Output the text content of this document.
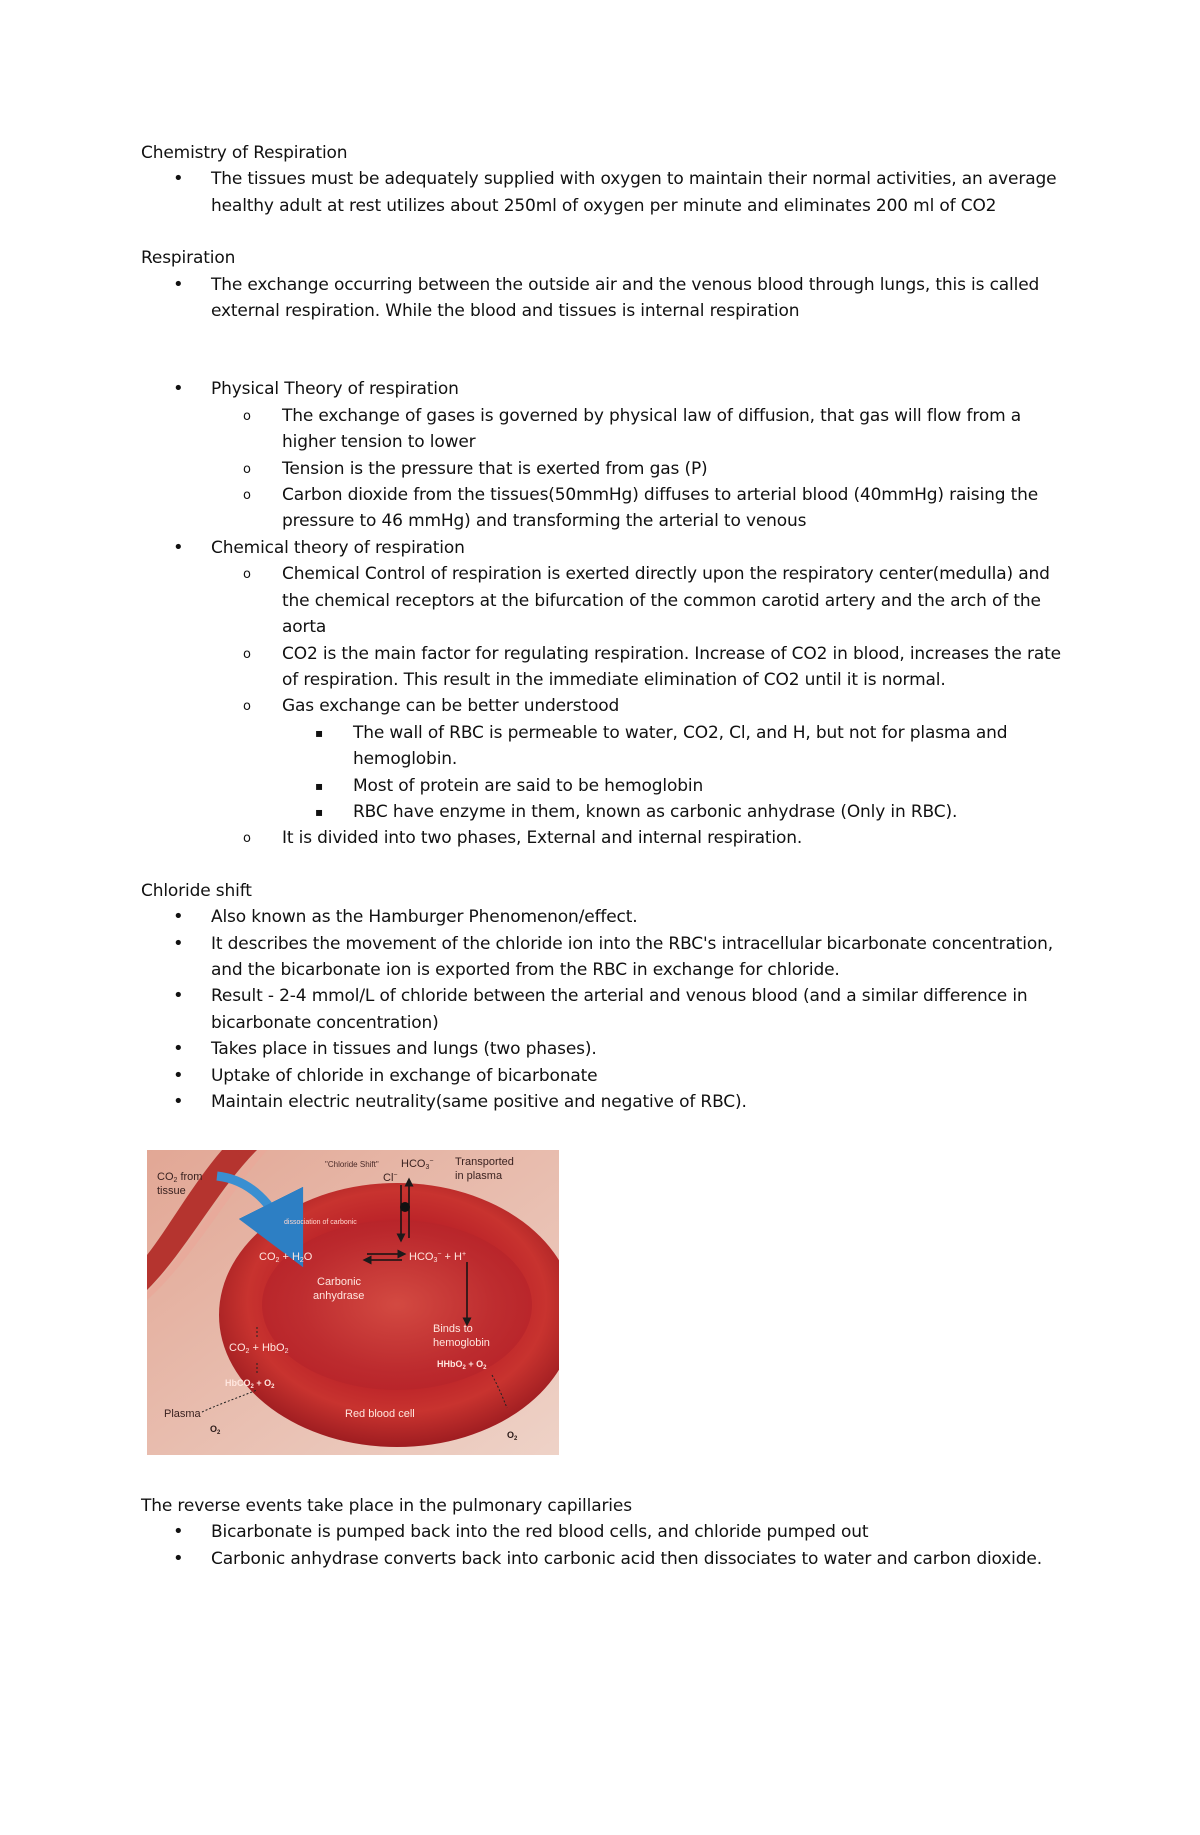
Chemistry of Respiration

• The tissues must be adequately supplied with oxygen to maintain their normal activities, an average healthy adult at rest utilizes about 250ml of oxygen per minute and eliminates 200 ml of CO2

Respiration

• The exchange occurring between the outside air and the venous blood through lungs, this is called external respiration. While the blood and tissues is internal respiration
• Physical Theory of respiration
o The exchange of gases is governed by physical law of diffusion, that gas will flow from a higher tension to lower
o Tension is the pressure that is exerted from gas (P)
o Carbon dioxide from the tissues(50mmHg) diffuses to arterial blood (40mmHg) raising the pressure to 46 mmHg) and transforming the arterial to venous
• Chemical theory of respiration
o Chemical Control of respiration is exerted directly upon the respiratory center(medulla) and the chemical receptors at the bifurcation of the common carotid artery and the arch of the aorta
o CO2 is the main factor for regulating respiration. Increase of CO2 in blood, increases the rate of respiration. This result in the immediate elimination of CO2 until it is normal.
o Gas exchange can be better understood
▪ The wall of RBC is permeable to water, CO2, Cl, and H, but not for plasma and hemoglobin.
▪ Most of protein are said to be hemoglobin
▪ RBC have enzyme in them, known as carbonic anhydrase (Only in RBC).
o It is divided into two phases, External and internal respiration.

Chloride shift

• Also known as the Hamburger Phenomenon/effect.
• It describes the movement of the chloride ion into the RBC's intracellular bicarbonate concentration, and the bicarbonate ion is exported from the RBC in exchange for chloride.
• Result - 2-4 mmol/L of chloride between the arterial and venous blood (and a similar difference in bicarbonate concentration)
• Takes place in tissues and lungs (two phases).
• Uptake of chloride in exchange of bicarbonate
• Maintain electric neutrality(same positive and negative of RBC).
CO2 from
tissue
"Chloride Shift" HCO3−
Cl−
Transported
in plasma
dissociation of carbonic
CO2 + H2O	HCO3− + H+
Carbonic
anhydrase
Binds to
hemoglobin
HHbO$_2$ + $O_2$
CO2 + HbO2
HbCO$_2$ + $O_2$
Plasma	Red blood cell
$O_2$	$O_2$

The reverse events take place in the pulmonary capillaries

• Bicarbonate is pumped back into the red blood cells, and chloride pumped out
• Carbonic anhydrase converts back into carbonic acid then dissociates to water and carbon dioxide.
